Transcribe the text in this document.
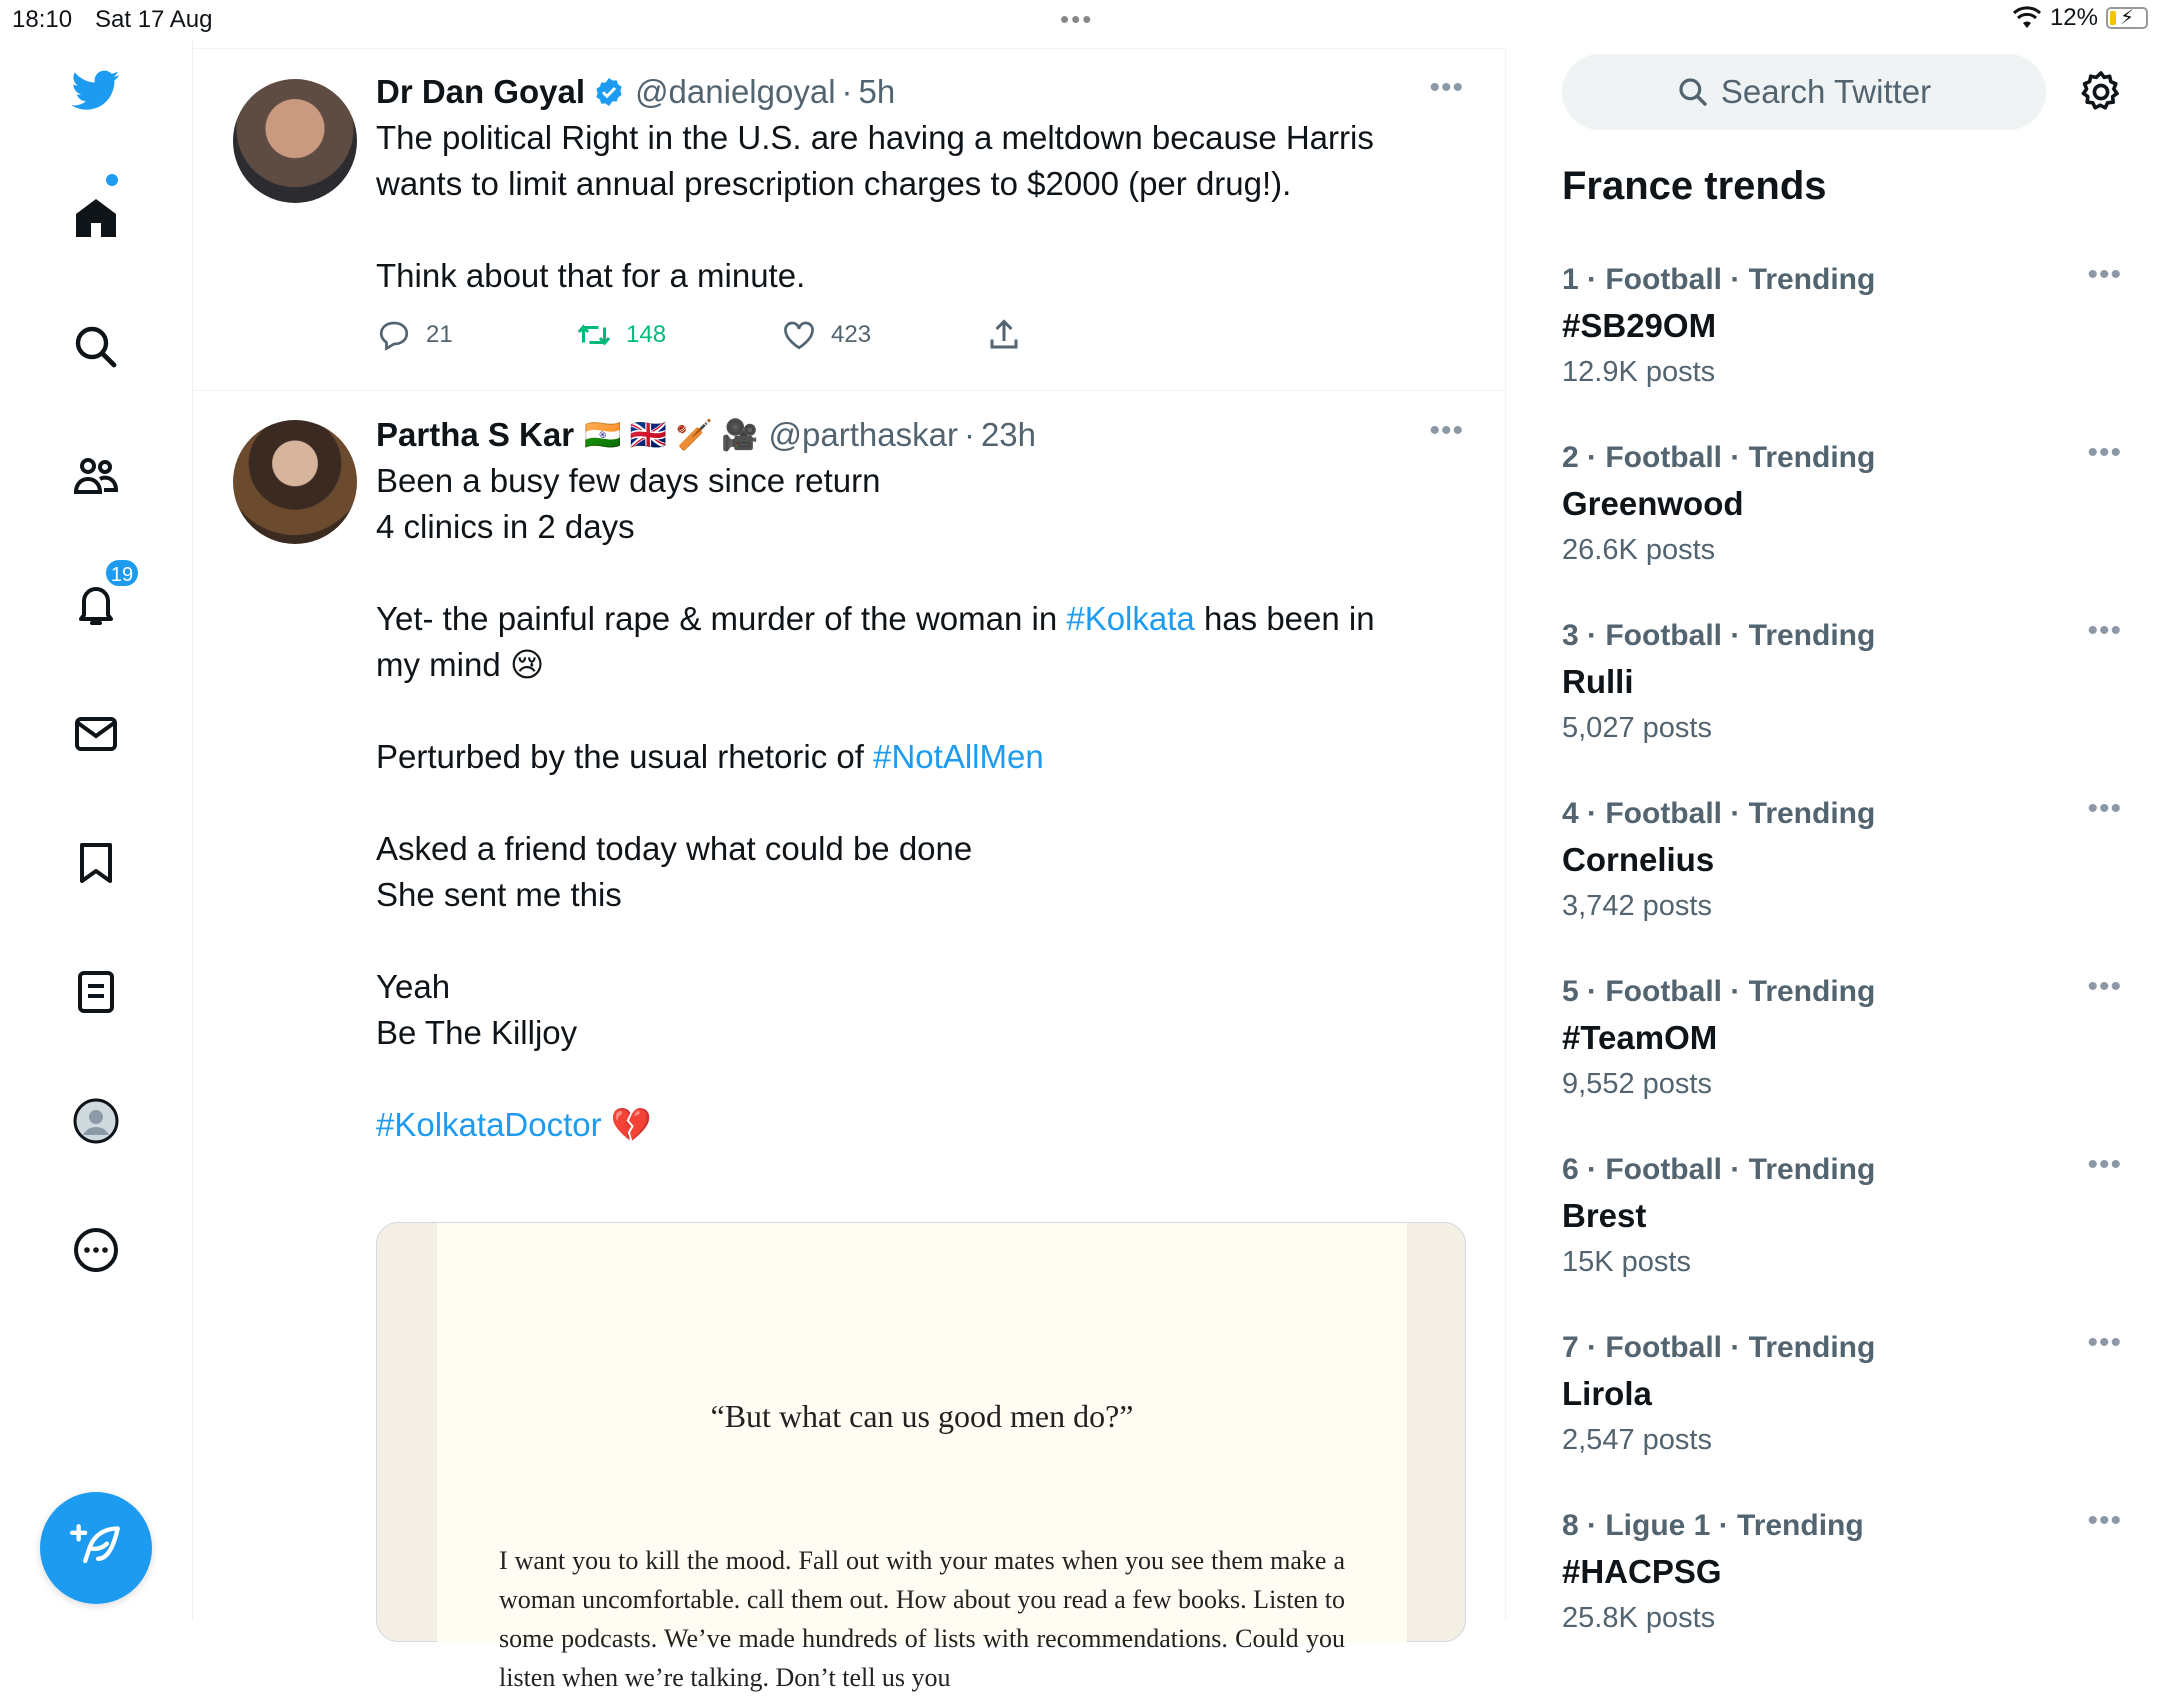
18:10 Sat 17 Aug	•••	12% ⚡
19
Dr Dan Goyal @danielgoyal · 5h

The political Right in the U.S. are having a meltdown because Harris

wants to limit annual prescription charges to $2000 (per drug!).

Think about that for a minute.

•••
21	148	423
Partha S Kar 🇮🇳 🇬🇧 🏏 🎥 @parthaskar · 23h

Been a busy few days since return

4 clinics in 2 days

Yet- the painful rape & murder of the woman in #Kolkata has been in

my mind 😢

Perturbed by the usual rhetoric of #NotAllMen

Asked a friend today what could be done

She sent me this

Yeah

Be The Killjoy

#KolkataDoctor 💔

•••
“But what can us good men do?”
I want you to kill the mood. Fall out with your mates when you see them make a woman uncomfortable. call them out. How about you read a few books. Listen to some podcasts. We’ve made hundreds of lists with recommendations. Could you listen when we’re talking. Don’t tell us you
Search Twitter
France trends
1 · Football · Trending
#SB29OM
12.9K posts
•••
2 · Football · Trending
Greenwood
26.6K posts
•••
3 · Football · Trending
Rulli
5,027 posts
•••
4 · Football · Trending
Cornelius
3,742 posts
•••
5 · Football · Trending
#TeamOM
9,552 posts
•••
6 · Football · Trending
Brest
15K posts
•••
7 · Football · Trending
Lirola
2,547 posts
•••
8 · Ligue 1 · Trending
#HACPSG
25.8K posts
•••
